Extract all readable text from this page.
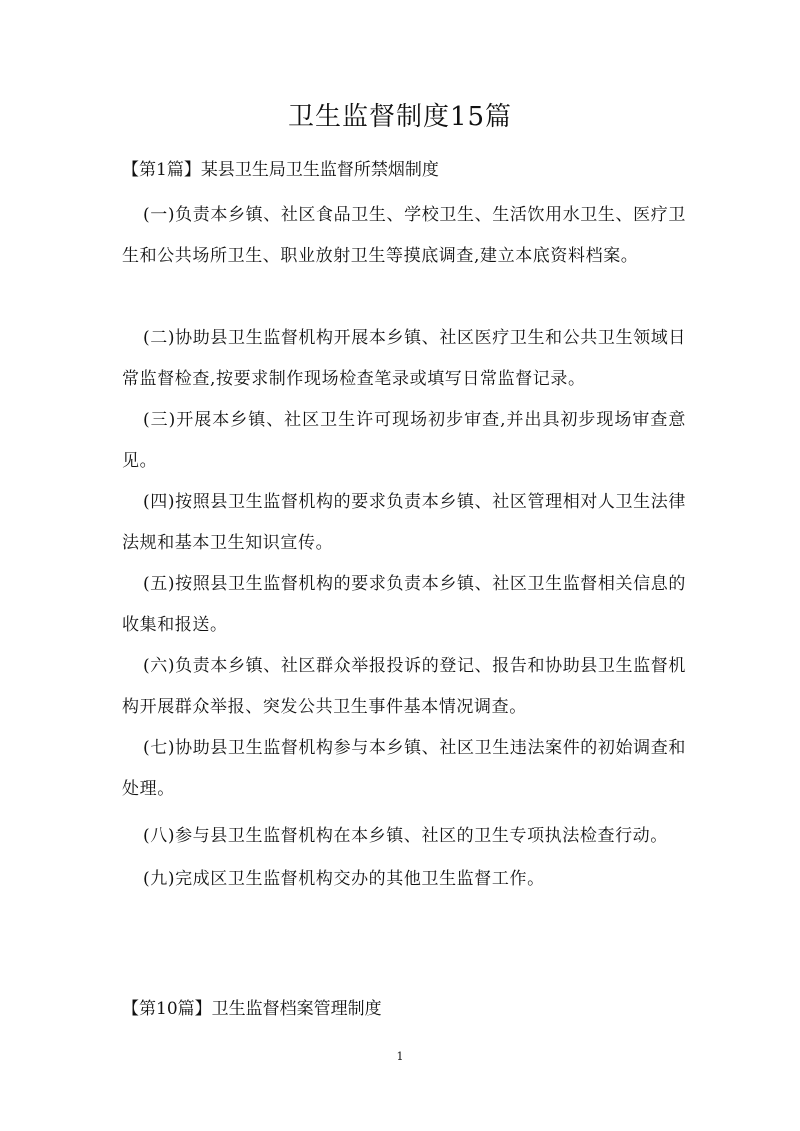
卫生监督制度15篇
【第1篇】某县卫生局卫生监督所禁烟制度
(一)负责本乡镇、社区食品卫生、学校卫生、生活饮用水卫生、医疗卫生和公共场所卫生、职业放射卫生等摸底调查,建立本底资料档案。
(二)协助县卫生监督机构开展本乡镇、社区医疗卫生和公共卫生领域日常监督检查,按要求制作现场检查笔录或填写日常监督记录。
(三)开展本乡镇、社区卫生许可现场初步审查,并出具初步现场审查意见。
(四)按照县卫生监督机构的要求负责本乡镇、社区管理相对人卫生法律法规和基本卫生知识宣传。
(五)按照县卫生监督机构的要求负责本乡镇、社区卫生监督相关信息的收集和报送。
(六)负责本乡镇、社区群众举报投诉的登记、报告和协助县卫生监督机构开展群众举报、突发公共卫生事件基本情况调查。
(七)协助县卫生监督机构参与本乡镇、社区卫生违法案件的初始调查和处理。
(八)参与县卫生监督机构在本乡镇、社区的卫生专项执法检查行动。
(九)完成区卫生监督机构交办的其他卫生监督工作。
【第10篇】卫生监督档案管理制度
1
